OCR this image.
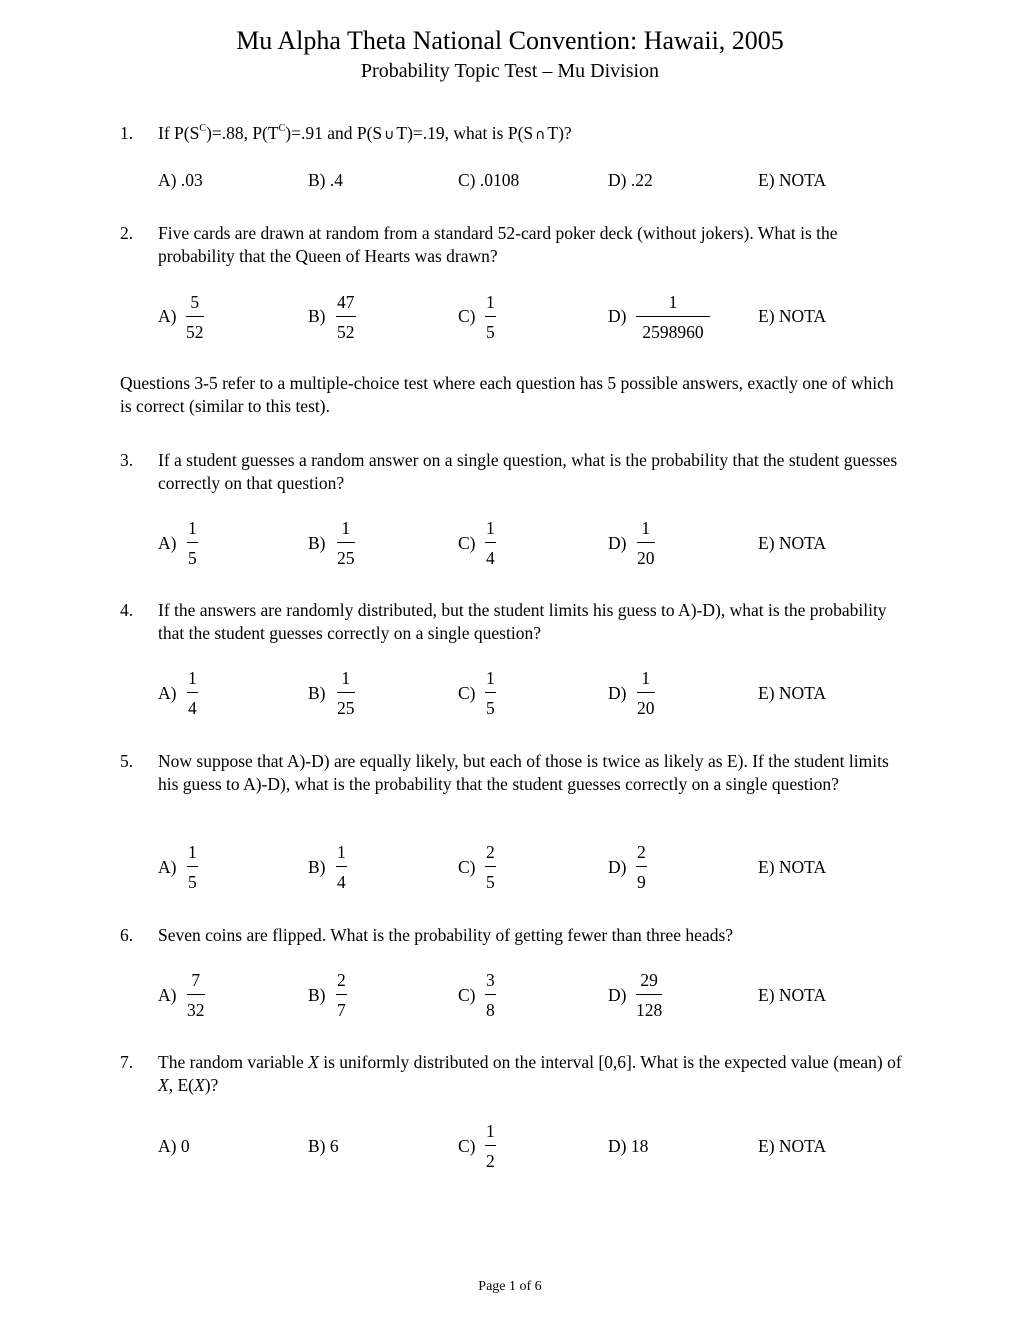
Mu Alpha Theta National Convention: Hawaii, 2005
Probability Topic Test – Mu Division
1. If $P(S^C)=.88$, $P(T^C)=.91$ and P(S ∪ T)=.19, what is P(S ∩ T)?
A) .03	B) .4	C) .0108	D) .22	E) NOTA
2. Five cards are drawn at random from a standard 52-card poker deck (without jokers). What is the probability that the Queen of Hearts was drawn?
A)
5
52
B)
47
52
C)
1
5
D)
1
2598960
E) NOTA
Questions 3-5 refer to a multiple-choice test where each question has 5 possible answers, exactly one of which is correct (similar to this test).
3. If a student guesses a random answer on a single question, what is the probability that the student guesses correctly on that question?
A)
1
5
B)
1
25
C)
1
4
D)
1
20
E) NOTA
4. If the answers are randomly distributed, but the student limits his guess to A)-D), what is the probability that the student guesses correctly on a single question?
A)
1
4
B)
1
25
C)
1
5
D)
1
20
E) NOTA
5. Now suppose that A)-D) are equally likely, but each of those is twice as likely as E). If the student limits his guess to A)-D), what is the probability that the student guesses correctly on a single question?
A)
1
5
B)
1
4
C)
2
5
D)
2
9
E) NOTA
6. Seven coins are flipped. What is the probability of getting fewer than three heads?
A)
7
32
B)
2
7
C)
3
8
D)
29
128
E) NOTA
7. The random variable X is uniformly distributed on the interval [0,6]. What is the expected value (mean) of X, E(X)?
A) 0	B) 6	C)
1
2
D) 18	E) NOTA
Page 1 of 6
